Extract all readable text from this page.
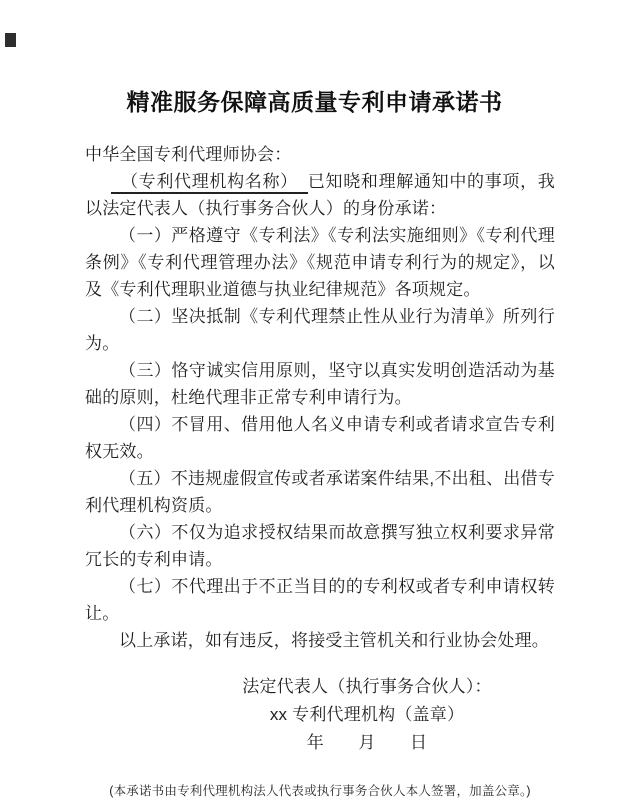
精准服务保障高质量专利申请承诺书

中华全国专利代理师协会：

（专利代理机构名称） 已知晓和理解通知中的事项，我以法定代表人（执行事务合伙人）的身份承诺：

（一）严格遵守《专利法》《专利法实施细则》《专利代理条例》《专利代理管理办法》《规范申请专利行为的规定》，以及《专利代理职业道德与执业纪律规范》各项规定。

（二）坚决抵制《专利代理禁止性从业行为清单》所列行为。

（三）恪守诚实信用原则，坚守以真实发明创造活动为基础的原则，杜绝代理非正常专利申请行为。

（四）不冒用、借用他人名义申请专利或者请求宣告专利权无效。

（五）不违规虚假宣传或者承诺案件结果,不出租、出借专利代理机构资质。

（六）不仅为追求授权结果而故意撰写独立权利要求异常冗长的专利申请。

（七）不代理出于不正当目的的专利权或者专利申请权转让。

以上承诺，如有违反，将接受主管机关和行业协会处理。

法定代表人（执行事务合伙人）：

xx 专利代理机构（盖章）

年　　月　　日

(本承诺书由专利代理机构法人代表或执行事务合伙人本人签署，加盖公章。)
